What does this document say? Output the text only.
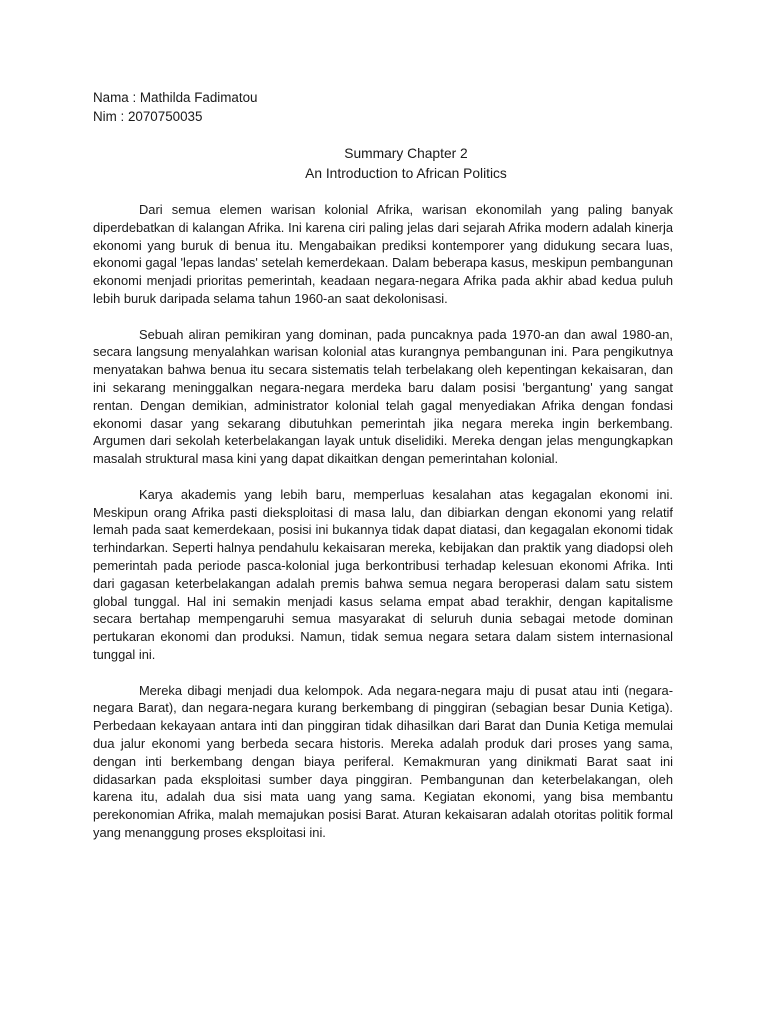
Nama : Mathilda Fadimatou
Nim : 2070750035
Summary Chapter 2
An Introduction to African Politics

Dari semua elemen warisan kolonial Afrika, warisan ekonomilah yang paling banyak diperdebatkan di kalangan Afrika. Ini karena ciri paling jelas dari sejarah Afrika modern adalah kinerja ekonomi yang buruk di benua itu. Mengabaikan prediksi kontemporer yang didukung secara luas, ekonomi gagal 'lepas landas' setelah kemerdekaan. Dalam beberapa kasus, meskipun pembangunan ekonomi menjadi prioritas pemerintah, keadaan negara-negara Afrika pada akhir abad kedua puluh lebih buruk daripada selama tahun 1960-an saat dekolonisasi.

Sebuah aliran pemikiran yang dominan, pada puncaknya pada 1970-an dan awal 1980-an, secara langsung menyalahkan warisan kolonial atas kurangnya pembangunan ini. Para pengikutnya menyatakan bahwa benua itu secara sistematis telah terbelakang oleh kepentingan kekaisaran, dan ini sekarang meninggalkan negara-negara merdeka baru dalam posisi 'bergantung' yang sangat rentan. Dengan demikian, administrator kolonial telah gagal menyediakan Afrika dengan fondasi ekonomi dasar yang sekarang dibutuhkan pemerintah jika negara mereka ingin berkembang. Argumen dari sekolah keterbelakangan layak untuk diselidiki. Mereka dengan jelas mengungkapkan masalah struktural masa kini yang dapat dikaitkan dengan pemerintahan kolonial.

Karya akademis yang lebih baru, memperluas kesalahan atas kegagalan ekonomi ini. Meskipun orang Afrika pasti dieksploitasi di masa lalu, dan dibiarkan dengan ekonomi yang relatif lemah pada saat kemerdekaan, posisi ini bukannya tidak dapat diatasi, dan kegagalan ekonomi tidak terhindarkan. Seperti halnya pendahulu kekaisaran mereka, kebijakan dan praktik yang diadopsi oleh pemerintah pada periode pasca-kolonial juga berkontribusi terhadap kelesuan ekonomi Afrika. Inti dari gagasan keterbelakangan adalah premis bahwa semua negara beroperasi dalam satu sistem global tunggal. Hal ini semakin menjadi kasus selama empat abad terakhir, dengan kapitalisme secara bertahap mempengaruhi semua masyarakat di seluruh dunia sebagai metode dominan pertukaran ekonomi dan produksi. Namun, tidak semua negara setara dalam sistem internasional tunggal ini.

Mereka dibagi menjadi dua kelompok. Ada negara-negara maju di pusat atau inti (negara-negara Barat), dan negara-negara kurang berkembang di pinggiran (sebagian besar Dunia Ketiga). Perbedaan kekayaan antara inti dan pinggiran tidak dihasilkan dari Barat dan Dunia Ketiga memulai dua jalur ekonomi yang berbeda secara historis. Mereka adalah produk dari proses yang sama, dengan inti berkembang dengan biaya periferal. Kemakmuran yang dinikmati Barat saat ini didasarkan pada eksploitasi sumber daya pinggiran. Pembangunan dan keterbelakangan, oleh karena itu, adalah dua sisi mata uang yang sama. Kegiatan ekonomi, yang bisa membantu perekonomian Afrika, malah memajukan posisi Barat. Aturan kekaisaran adalah otoritas politik formal yang menanggung proses eksploitasi ini.
